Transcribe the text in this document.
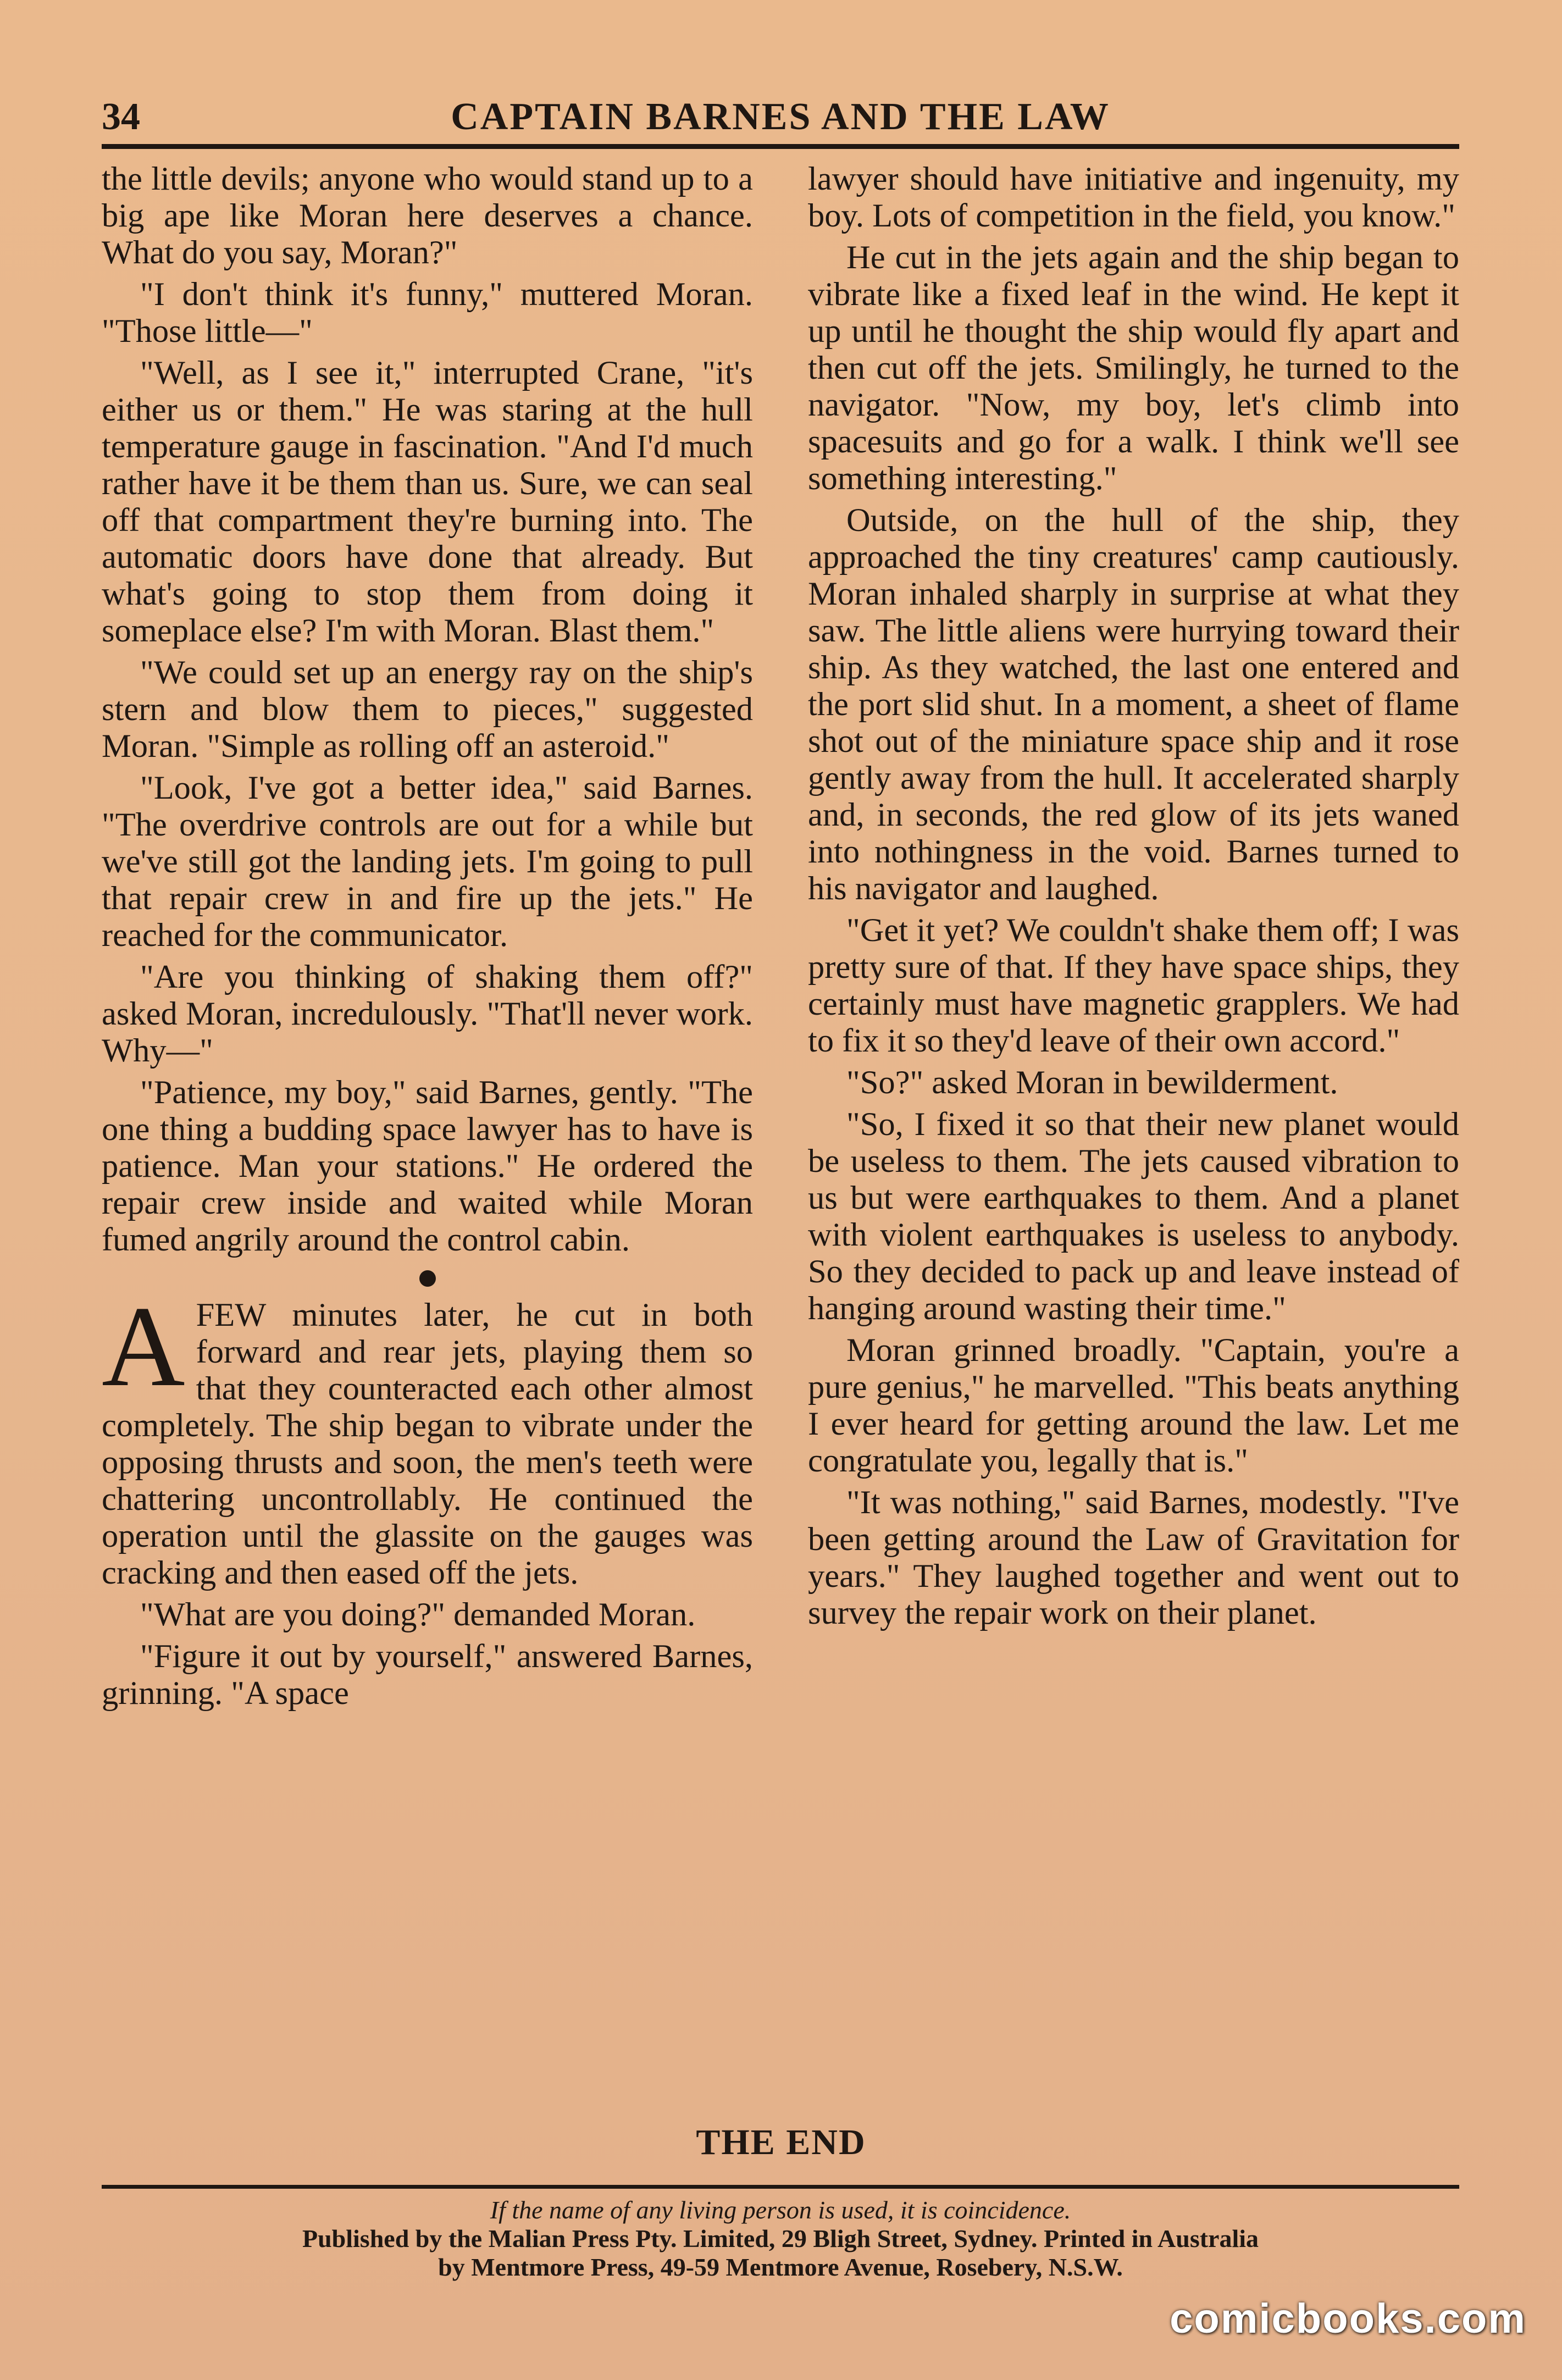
34	CAPTAIN BARNES AND THE LAW

the little devils; anyone who would stand up to a big ape like Moran here deserves a chance. What do you say, Moran?"

"I don't think it's funny," muttered Moran. "Those little—"

"Well, as I see it," interrupted Crane, "it's either us or them." He was staring at the hull temperature gauge in fascination. "And I'd much rather have it be them than us. Sure, we can seal off that compartment they're burning into. The automatic doors have done that already. But what's going to stop them from doing it someplace else? I'm with Moran. Blast them."

"We could set up an energy ray on the ship's stern and blow them to pieces," suggested Moran. "Simple as rolling off an asteroid."

"Look, I've got a better idea," said Barnes. "The overdrive controls are out for a while but we've still got the landing jets. I'm going to pull that repair crew in and fire up the jets." He reached for the communicator.

"Are you thinking of shaking them off?" asked Moran, incredulously. "That'll never work. Why—"

"Patience, my boy," said Barnes, gently. "The one thing a budding space lawyer has to have is patience. Man your stations." He ordered the repair crew inside and waited while Moran fumed angrily around the control cabin.

AFEW minutes later, he cut in both forward and rear jets, playing them so that they counteracted each other almost completely. The ship began to vibrate under the opposing thrusts and soon, the men's teeth were chattering uncontrollably. He continued the operation until the glassite on the gauges was cracking and then eased off the jets.

"What are you doing?" demanded Moran.

"Figure it out by yourself," answered Barnes, grinning. "A space

lawyer should have initiative and ingenuity, my boy. Lots of competition in the field, you know."

He cut in the jets again and the ship began to vibrate like a fixed leaf in the wind. He kept it up until he thought the ship would fly apart and then cut off the jets. Smilingly, he turned to the navigator. "Now, my boy, let's climb into spacesuits and go for a walk. I think we'll see something interesting."

Outside, on the hull of the ship, they approached the tiny creatures' camp cautiously. Moran inhaled sharply in surprise at what they saw. The little aliens were hurrying toward their ship. As they watched, the last one entered and the port slid shut. In a moment, a sheet of flame shot out of the miniature space ship and it rose gently away from the hull. It accelerated sharply and, in seconds, the red glow of its jets waned into nothingness in the void. Barnes turned to his navigator and laughed.

"Get it yet? We couldn't shake them off; I was pretty sure of that. If they have space ships, they certainly must have magnetic grapplers. We had to fix it so they'd leave of their own accord."

"So?" asked Moran in bewilderment.

"So, I fixed it so that their new planet would be useless to them. The jets caused vibration to us but were earthquakes to them. And a planet with violent earthquakes is useless to anybody. So they decided to pack up and leave instead of hanging around wasting their time."

Moran grinned broadly. "Captain, you're a pure genius," he marvelled. "This beats anything I ever heard for getting around the law. Let me congratulate you, legally that is."

"It was nothing," said Barnes, modestly. "I've been getting around the Law of Gravitation for years." They laughed together and went out to survey the repair work on their planet.

THE END
If the name of any living person is used, it is coincidence.
Published by the Malian Press Pty. Limited, 29 Bligh Street, Sydney. Printed in Australia
by Mentmore Press, 49-59 Mentmore Avenue, Rosebery, N.S.W.
comicbooks.com
